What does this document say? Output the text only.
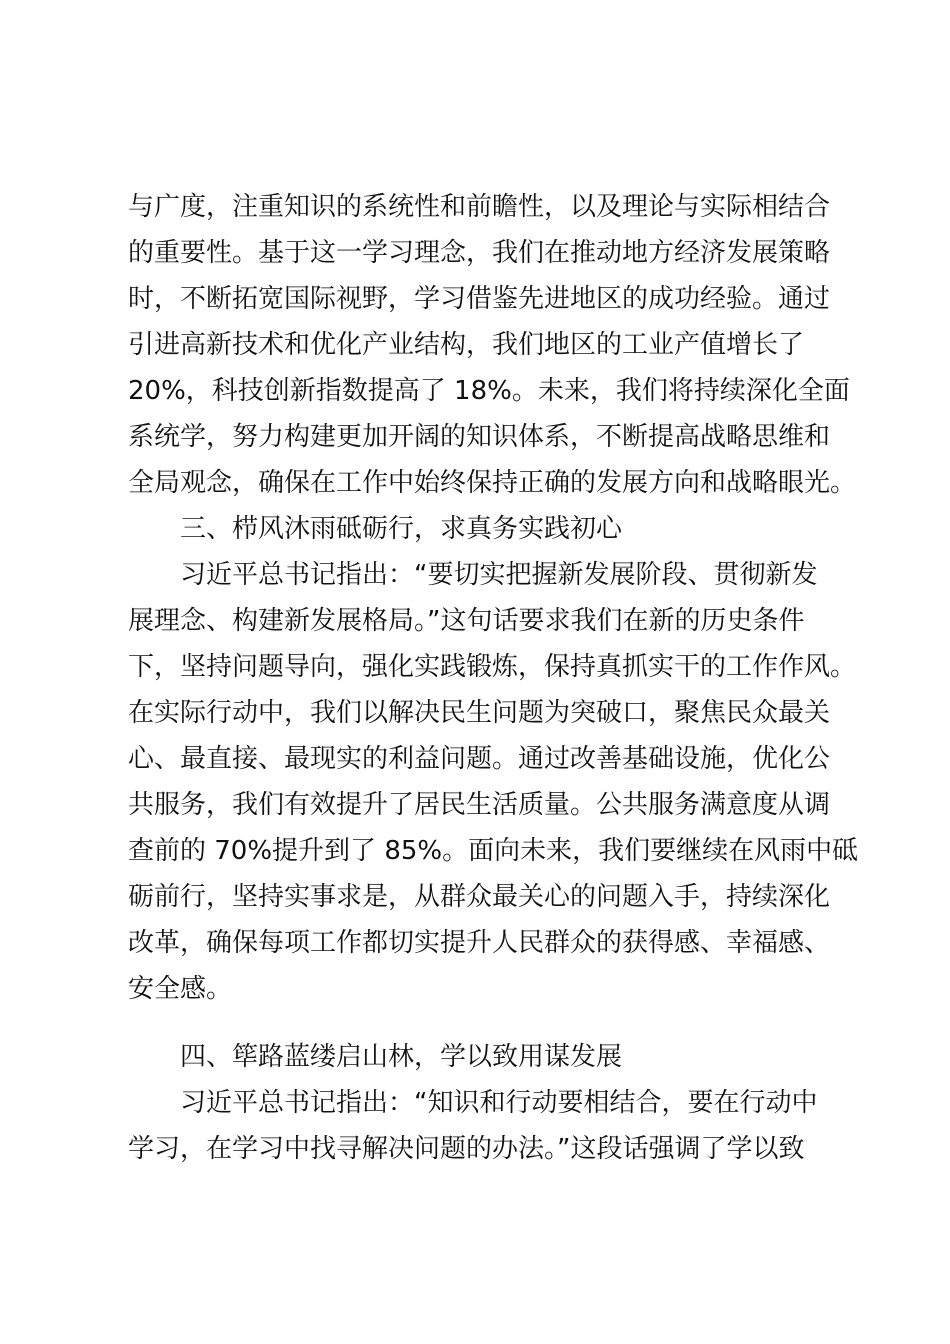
与广度，注重知识的系统性和前瞻性，以及理论与实际相结合
的重要性。基于这一学习理念，我们在推动地方经济发展策略
时，不断拓宽国际视野，学习借鉴先进地区的成功经验。通过
引进高新技术和优化产业结构，我们地区的工业产值增长了
20%，科技创新指数提高了 18%。未来，我们将持续深化全面
系统学，努力构建更加开阔的知识体系，不断提高战略思维和
全局观念，确保在工作中始终保持正确的发展方向和战略眼光。
三、栉风沐雨砥砺行，求真务实践初心
习近平总书记指出：“要切实把握新发展阶段、贯彻新发
展理念、构建新发展格局。”这句话要求我们在新的历史条件
下，坚持问题导向，强化实践锻炼，保持真抓实干的工作作风。
在实际行动中，我们以解决民生问题为突破口，聚焦民众最关
心、最直接、最现实的利益问题。通过改善基础设施，优化公
共服务，我们有效提升了居民生活质量。公共服务满意度从调
查前的 70%提升到了 85%。面向未来，我们要继续在风雨中砥
砺前行，坚持实事求是，从群众最关心的问题入手，持续深化
改革，确保每项工作都切实提升人民群众的获得感、幸福感、
安全感。
四、筚路蓝缕启山林，学以致用谋发展
习近平总书记指出：“知识和行动要相结合，要在行动中
学习，在学习中找寻解决问题的办法。”这段话强调了学以致
